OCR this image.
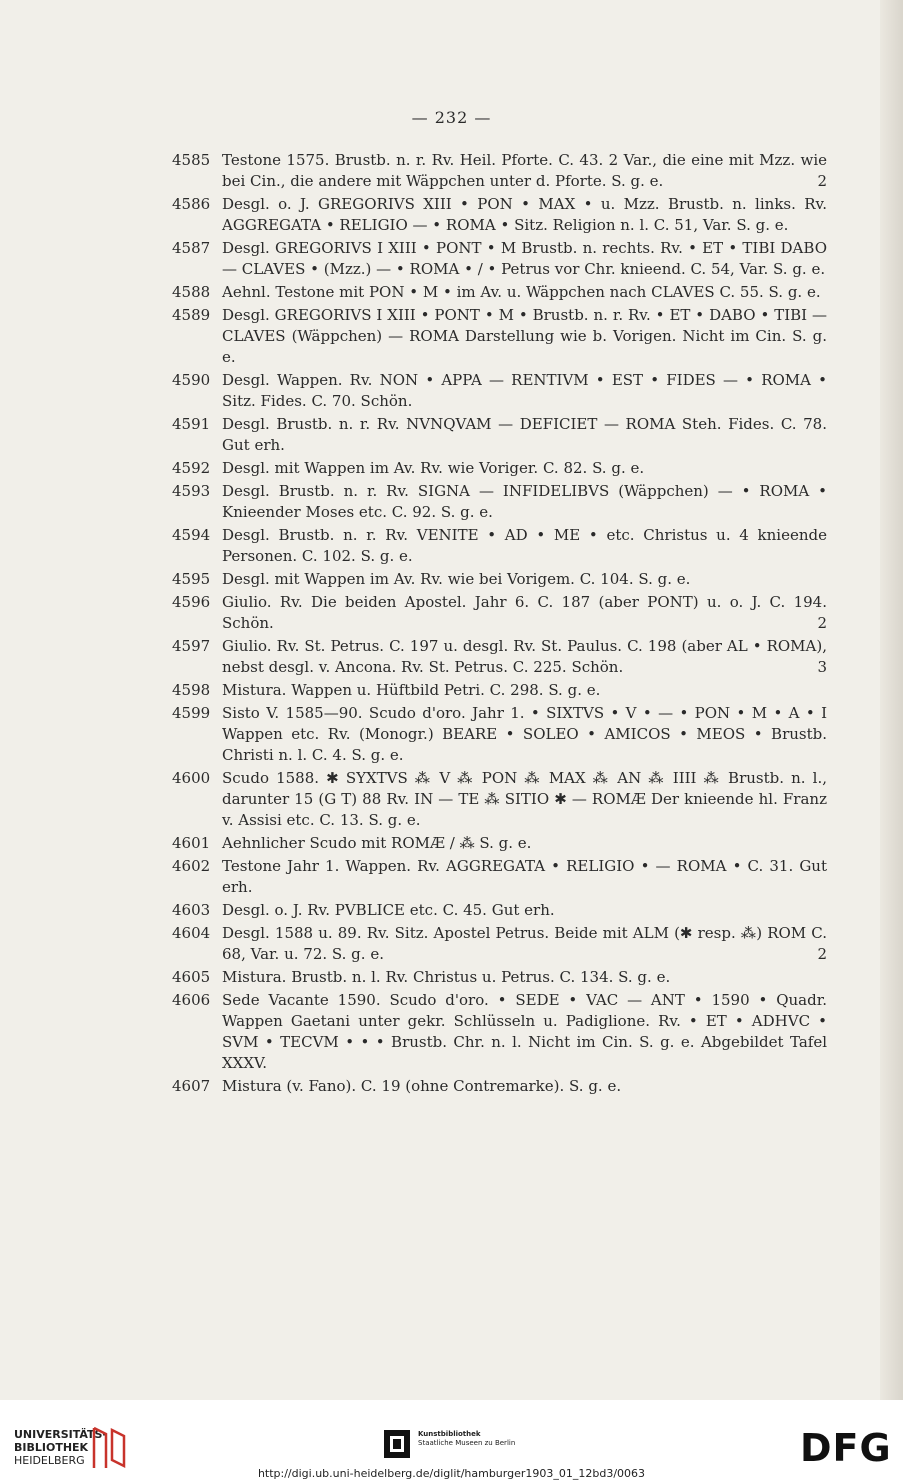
— 232 —
4585 Testone 1575. Brustb. n. r. Rv. Heil. Pforte. C. 43. 2 Var., die eine mit Mzz. wie bei Cin., die andere mit Wäppchen unter d. Pforte. S. g. e.	2
4586 Desgl. o. J. GREGORIVS XIII • PON • MAX • u. Mzz. Brustb. n. links. Rv. AGGREGATA • RELIGIO — • ROMA • Sitz. Religion n. l. C. 51, Var. S. g. e.
4587 Desgl. GREGORIVS I XIII • PONT • M Brustb. n. rechts. Rv. • ET • TIBI DABO — CLAVES • (Mzz.) — • ROMA • / • Petrus vor Chr. knieend. C. 54, Var. S. g. e.
4588 Aehnl. Testone mit PON • M • im Av. u. Wäppchen nach CLAVES C. 55. S. g. e.
4589 Desgl. GREGORIVS I XIII • PONT • M • Brustb. n. r. Rv. • ET • DABO • TIBI — CLAVES (Wäppchen) — ROMA Darstellung wie b. Vorigen. Nicht im Cin. S. g. e.
4590 Desgl. Wappen. Rv. NON • APPA — RENTIVM • EST • FIDES — • ROMA • Sitz. Fides. C. 70. Schön.
4591 Desgl. Brustb. n. r. Rv. NVNQVAM — DEFICIET — ROMA Steh. Fides. C. 78. Gut erh.
4592 Desgl. mit Wappen im Av. Rv. wie Voriger. C. 82. S. g. e.
4593 Desgl. Brustb. n. r. Rv. SIGNA — INFIDELIBVS (Wäppchen) — • ROMA • Knieender Moses etc. C. 92. S. g. e.
4594 Desgl. Brustb. n. r. Rv. VENITE • AD • ME • etc. Christus u. 4 knieende Personen. C. 102. S. g. e.
4595 Desgl. mit Wappen im Av. Rv. wie bei Vorigem. C. 104. S. g. e.
4596 Giulio. Rv. Die beiden Apostel. Jahr 6. C. 187 (aber PONT) u. o. J. C. 194. Schön.	2
4597 Giulio. Rv. St. Petrus. C. 197 u. desgl. Rv. St. Paulus. C. 198 (aber AL • ROMA), nebst desgl. v. Ancona. Rv. St. Petrus. C. 225. Schön.	3
4598 Mistura. Wappen u. Hüftbild Petri. C. 298. S. g. e.
4599 Sisto V. 1585—90. Scudo d'oro. Jahr 1. • SIXTVS • V • — • PON • M • A • I Wappen etc. Rv. (Monogr.) BEARE • SOLEO • AMICOS • MEOS • Brustb. Christi n. l. C. 4. S. g. e.
4600 Scudo 1588. ✱ SYXTVS ⁂ V ⁂ PON ⁂ MAX ⁂ AN ⁂ IIII ⁂ Brustb. n. l., darunter 15 (G T) 88 Rv. IN — TE ⁂ SITIO ✱ — ROMÆ Der knieende hl. Franz v. Assisi etc. C. 13. S. g. e.
4601 Aehnlicher Scudo mit ROMÆ / ⁂ S. g. e.
4602 Testone Jahr 1. Wappen. Rv. AGGREGATA • RELIGIO • — ROMA • C. 31. Gut erh.
4603 Desgl. o. J. Rv. PVBLICE etc. C. 45. Gut erh.
4604 Desgl. 1588 u. 89. Rv. Sitz. Apostel Petrus. Beide mit ALM (✱ resp. ⁂) ROM C. 68, Var. u. 72. S. g. e.	2
4605 Mistura. Brustb. n. l. Rv. Christus u. Petrus. C. 134. S. g. e.
4606 Sede Vacante 1590. Scudo d'oro. • SEDE • VAC — ANT • 1590 • Quadr. Wappen Gaetani unter gekr. Schlüsseln u. Padiglione. Rv. • ET • ADHVC • SVM • TECVM • • • Brustb. Chr. n. l. Nicht im Cin. S. g. e. Abgebildet Tafel XXXV.
4607 Mistura (v. Fano). C. 19 (ohne Contremarke). S. g. e.
UNIVERSITÄTS-
BIBLIOTHEK
HEIDELBERG
Kunstbibliothek
Staatliche Museen zu Berlin	DFG
http://digi.ub.uni-heidelberg.de/diglit/hamburger1903_01_12bd3/0063
